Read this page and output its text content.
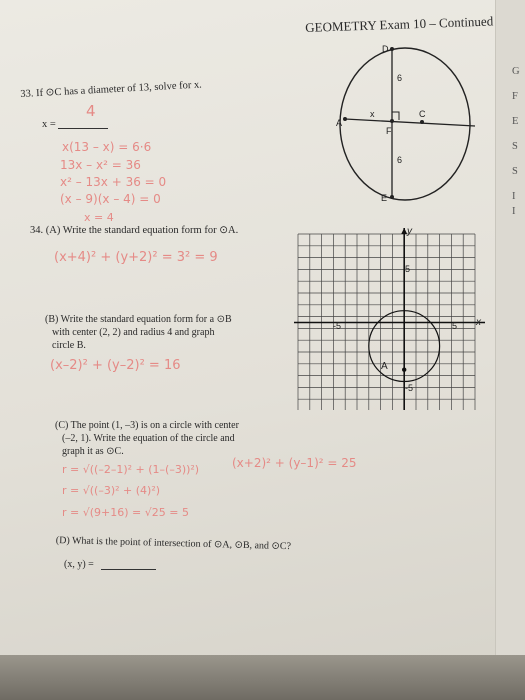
G
F
E
S
S
I
I
GEOMETRY Exam 10 – Continued
33. If ⊙C has a diameter of 13, solve for x.
x =
4
x(13 – x) = 6·6
13x – x² = 36
x² – 13x + 36 = 0
(x – 9)(x – 4) = 0
x = 4
D
A
x	C
F
E
6
6
34. (A) Write the standard equation form for ⊙A.
(x+4)² + (y+2)² = 3² = 9
(B) Write the standard equation form for a ⊙B
with center (2, 2) and radius 4 and graph
circle B.
(x–2)² + (y–2)² = 16
(C) The point (1, –3) is on a circle with center
(–2, 1). Write the equation of the circle and
graph it as ⊙C.
r = √((–2–1)² + (1–(–3))²)
r = √((–3)² + (4)²)
r = √(9+16) = √25 = 5
(x+2)² + (y–1)² = 25
(D) What is the point of intersection of ⊙A, ⊙B, and ⊙C?
(x, y) =
y
x
5
-5
-5	5
A
